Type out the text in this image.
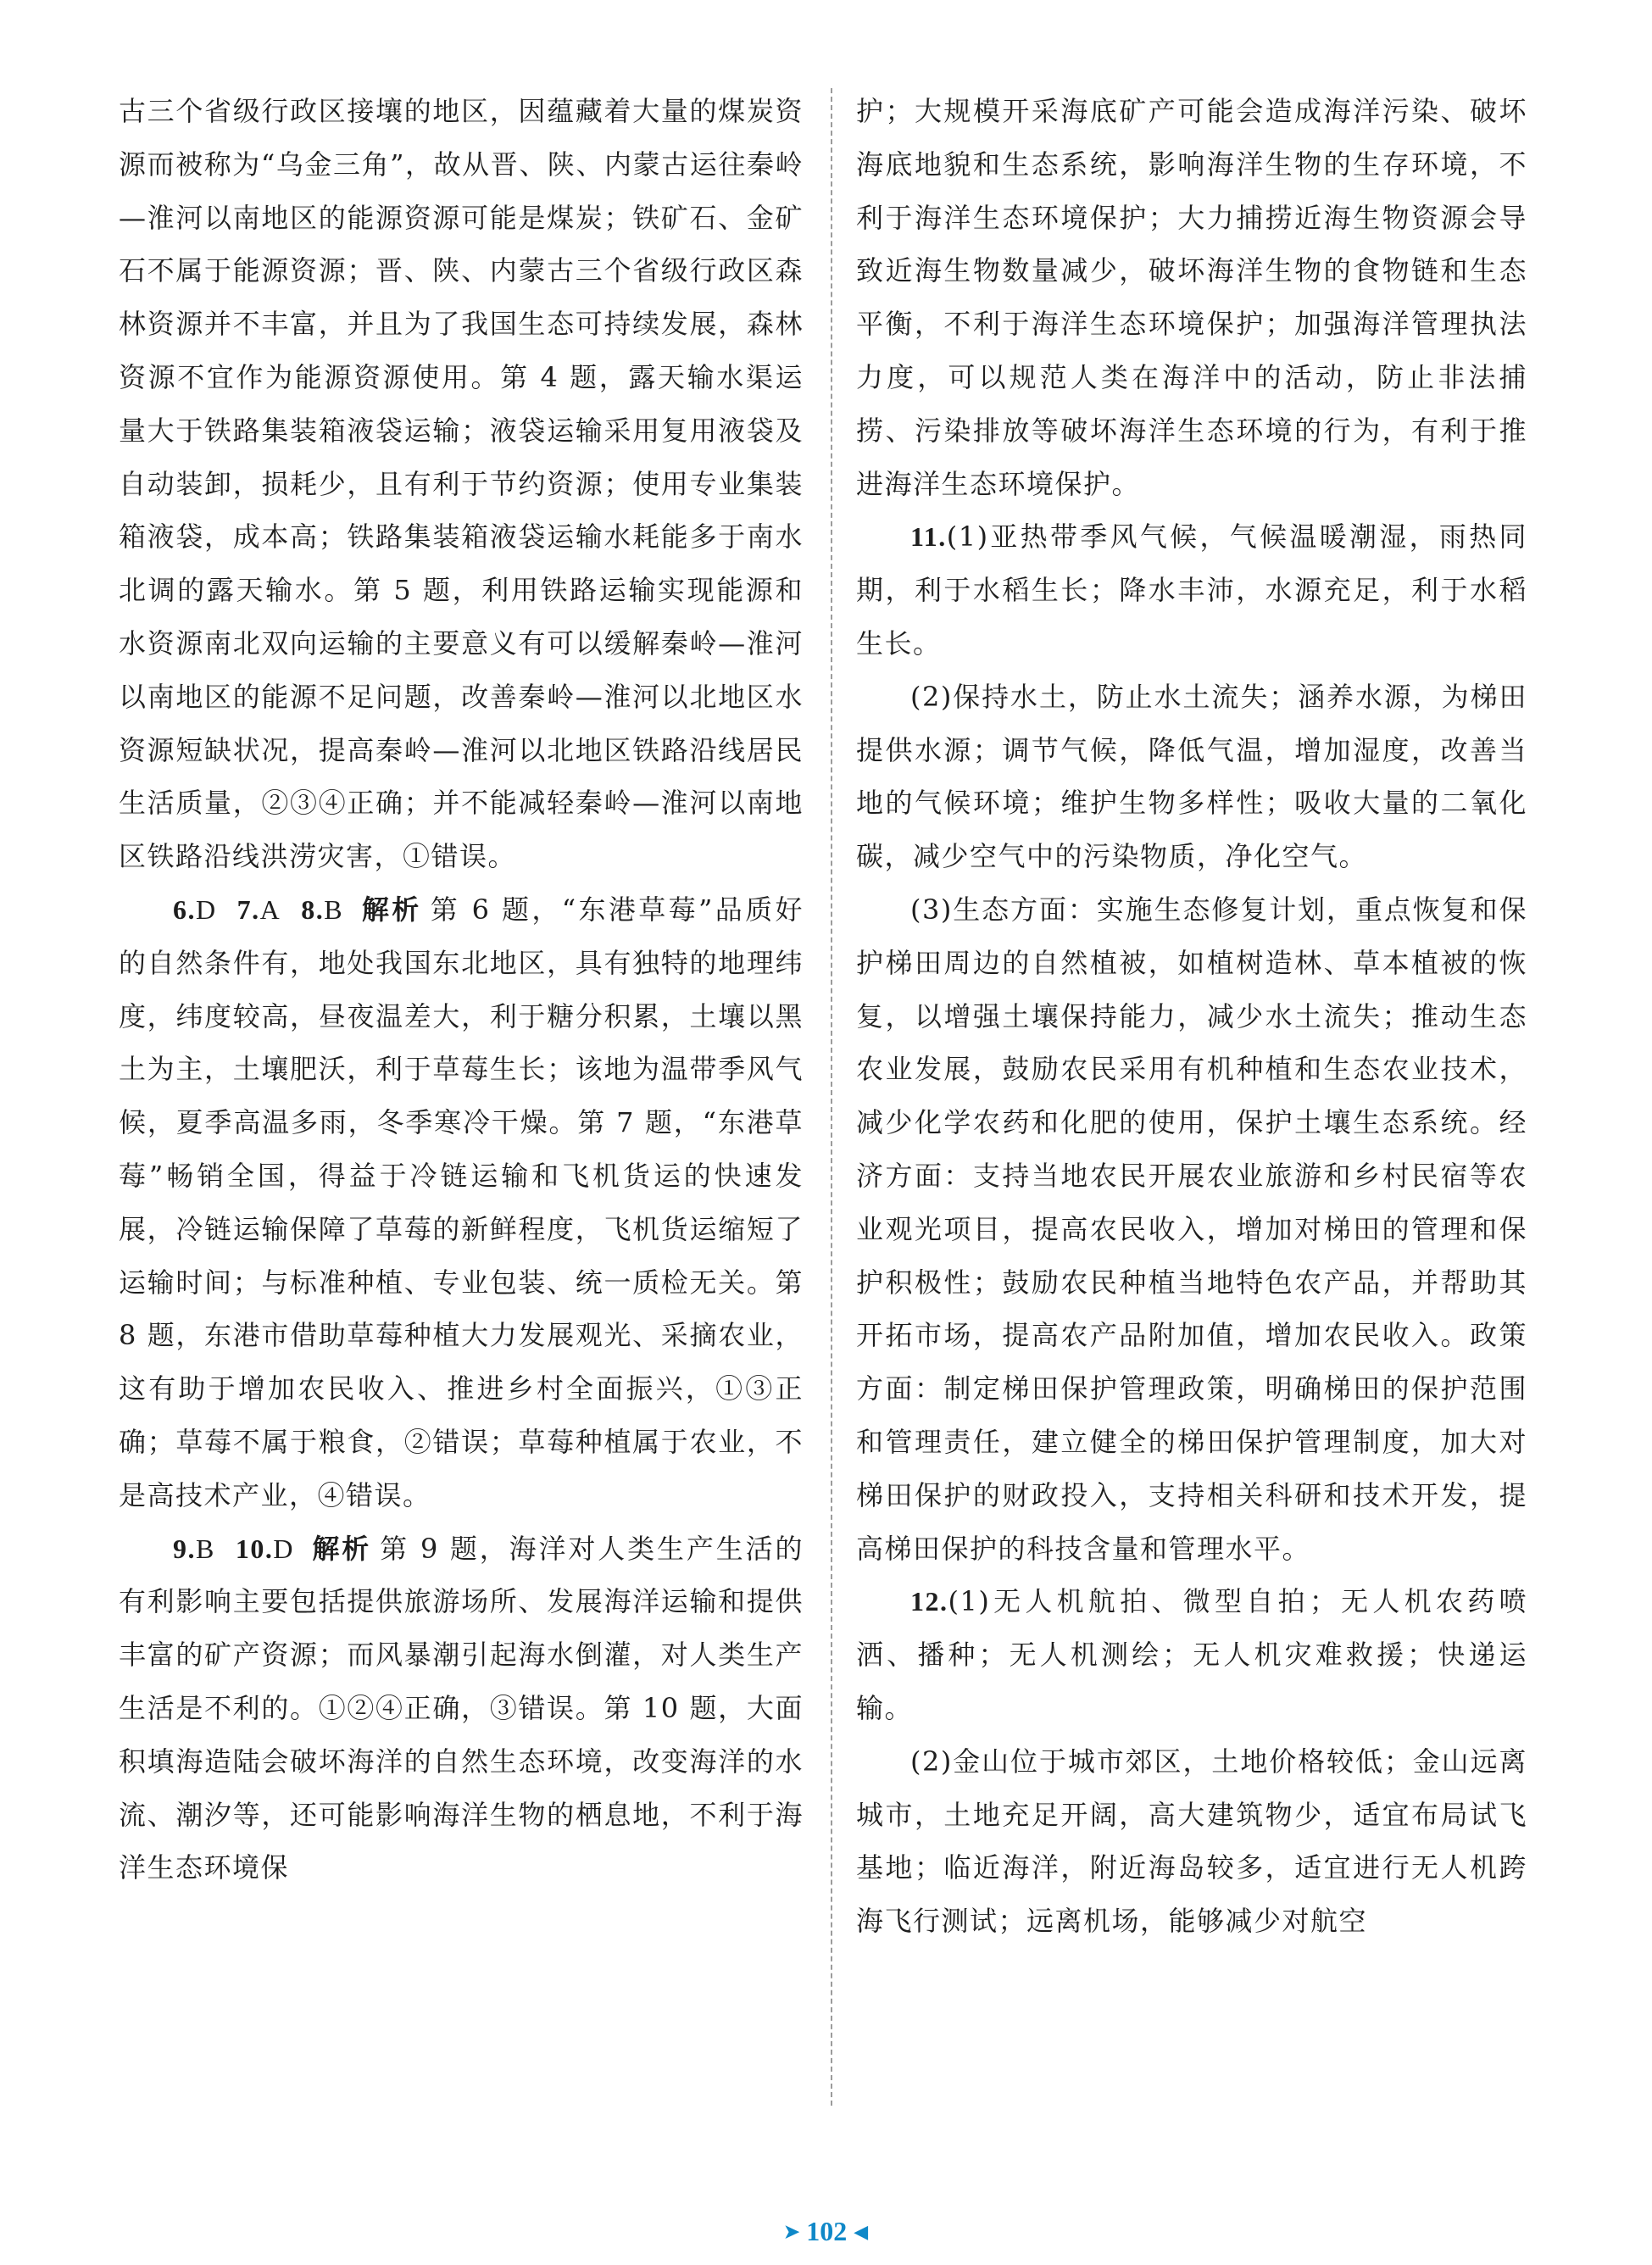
古三个省级行政区接壤的地区，因蕴藏着大量的煤炭资源而被称为“乌金三角”，故从晋、陕、内蒙古运往秦岭—淮河以南地区的能源资源可能是煤炭；铁矿石、金矿石不属于能源资源；晋、陕、内蒙古三个省级行政区森林资源并不丰富，并且为了我国生态可持续发展，森林资源不宜作为能源资源使用。第 4 题，露天输水渠运量大于铁路集装箱液袋运输；液袋运输采用复用液袋及自动装卸，损耗少，且有利于节约资源；使用专业集装箱液袋，成本高；铁路集装箱液袋运输水耗能多于南水北调的露天输水。第 5 题，利用铁路运输实现能源和水资源南北双向运输的主要意义有可以缓解秦岭—淮河以南地区的能源不足问题，改善秦岭—淮河以北地区水资源短缺状况，提高秦岭—淮河以北地区铁路沿线居民生活质量，②③④正确；并不能减轻秦岭—淮河以南地区铁路沿线洪涝灾害，①错误。

6.D 7.A 8.B 解析 第 6 题，“东港草莓”品质好的自然条件有，地处我国东北地区，具有独特的地理纬度，纬度较高，昼夜温差大，利于糖分积累，土壤以黑土为主，土壤肥沃，利于草莓生长；该地为温带季风气候，夏季高温多雨，冬季寒冷干燥。第 7 题，“东港草莓”畅销全国，得益于冷链运输和飞机货运的快速发展，冷链运输保障了草莓的新鲜程度，飞机货运缩短了运输时间；与标准种植、专业包装、统一质检无关。第 8 题，东港市借助草莓种植大力发展观光、采摘农业，这有助于增加农民收入、推进乡村全面振兴，①③正确；草莓不属于粮食，②错误；草莓种植属于农业，不是高技术产业，④错误。

9.B 10.D 解析 第 9 题，海洋对人类生产生活的有利影响主要包括提供旅游场所、发展海洋运输和提供丰富的矿产资源；而风暴潮引起海水倒灌，对人类生产生活是不利的。①②④正确，③错误。第 10 题，大面积填海造陆会破坏海洋的自然生态环境，改变海洋的水流、潮汐等，还可能影响海洋生物的栖息地，不利于海洋生态环境保

护；大规模开采海底矿产可能会造成海洋污染、破坏海底地貌和生态系统，影响海洋生物的生存环境，不利于海洋生态环境保护；大力捕捞近海生物资源会导致近海生物数量减少，破坏海洋生物的食物链和生态平衡，不利于海洋生态环境保护；加强海洋管理执法力度，可以规范人类在海洋中的活动，防止非法捕捞、污染排放等破坏海洋生态环境的行为，有利于推进海洋生态环境保护。

11.(1)亚热带季风气候，气候温暖潮湿，雨热同期，利于水稻生长；降水丰沛，水源充足，利于水稻生长。

(2)保持水土，防止水土流失；涵养水源，为梯田提供水源；调节气候，降低气温，增加湿度，改善当地的气候环境；维护生物多样性；吸收大量的二氧化碳，减少空气中的污染物质，净化空气。

(3)生态方面：实施生态修复计划，重点恢复和保护梯田周边的自然植被，如植树造林、草本植被的恢复，以增强土壤保持能力，减少水土流失；推动生态农业发展，鼓励农民采用有机种植和生态农业技术，减少化学农药和化肥的使用，保护土壤生态系统。经济方面：支持当地农民开展农业旅游和乡村民宿等农业观光项目，提高农民收入，增加对梯田的管理和保护积极性；鼓励农民种植当地特色农产品，并帮助其开拓市场，提高农产品附加值，增加农民收入。政策方面：制定梯田保护管理政策，明确梯田的保护范围和管理责任，建立健全的梯田保护管理制度，加大对梯田保护的财政投入，支持相关科研和技术开发，提高梯田保护的科技含量和管理水平。

12.(1)无人机航拍、微型自拍；无人机农药喷洒、播种；无人机测绘；无人机灾难救援；快递运输。

(2)金山位于城市郊区，土地价格较低；金山远离城市，土地充足开阔，高大建筑物少，适宜布局试飞基地；临近海洋，附近海岛较多，适宜进行无人机跨海飞行测试；远离机场，能够减少对航空

➤ 102 ◀
